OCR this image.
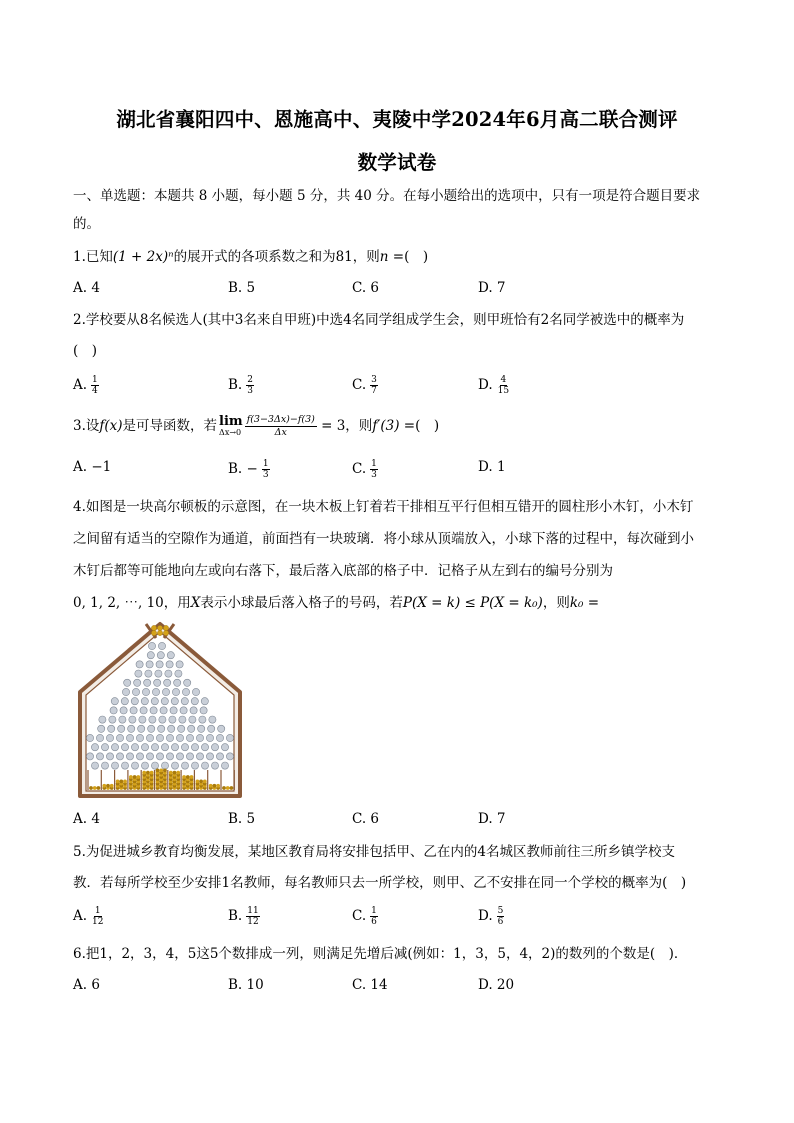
湖北省襄阳四中、恩施高中、夷陵中学2024年6月高二联合测评
数学试卷
一、单选题：本题共 8 小题，每小题 5 分，共 40 分。在每小题给出的选项中，只有一项是符合题目要求
的。
1.已知(1 + 2x)ⁿ的展开式的各项系数之和为81，则n =(　)
A. 4	B. 5	C. 6	D. 7
2.学校要从8名候选人(其中3名来自甲班)中选4名同学组成学生会，则甲班恰有2名同学被选中的概率为
(　)
A. $\frac{1}{4}$	B. $\frac{2}{3}$	C. $\frac{3}{7}$	D. $\frac{4}{15}$
3.设f(x)是可导函数，若 lim
$\Delta x\to 0 \frac{f(3-3\Delta x)-f(3)}{\Delta x} = 3$，则f′(3) =(　)
A. −1	B. − $\frac{1}{3}$	C. $\frac{1}{3}$	D. 1
4.如图是一块高尔顿板的示意图，在一块木板上钉着若干排相互平行但相互错开的圆柱形小木钉，小木钉
之间留有适当的空隙作为通道，前面挡有一块玻璃．将小球从顶端放入，小球下落的过程中，每次碰到小
木钉后都等可能地向左或向右落下，最后落入底部的格子中．记格子从左到右的编号分别为
0, 1, 2, ⋯, 10，用X表示小球最后落入格子的号码，若P(X = k) ≤ P(X = k₀)，则k₀ =
A. 4	B. 5	C. 6	D. 7
5.为促进城乡教育均衡发展，某地区教育局将安排包括甲、乙在内的4名城区教师前往三所乡镇学校支
教．若每所学校至少安排1名教师，每名教师只去一所学校，则甲、乙不安排在同一个学校的概率为(　)
A. $\frac{1}{12}$	B. $\frac{11}{12}$	C. $\frac{1}{6}$	D. $\frac{5}{6}$
6.把1，2，3，4，5这5个数排成一列，则满足先增后减(例如：1，3，5，4，2)的数列的个数是(　)．
A. 6	B. 10	C. 14	D. 20
